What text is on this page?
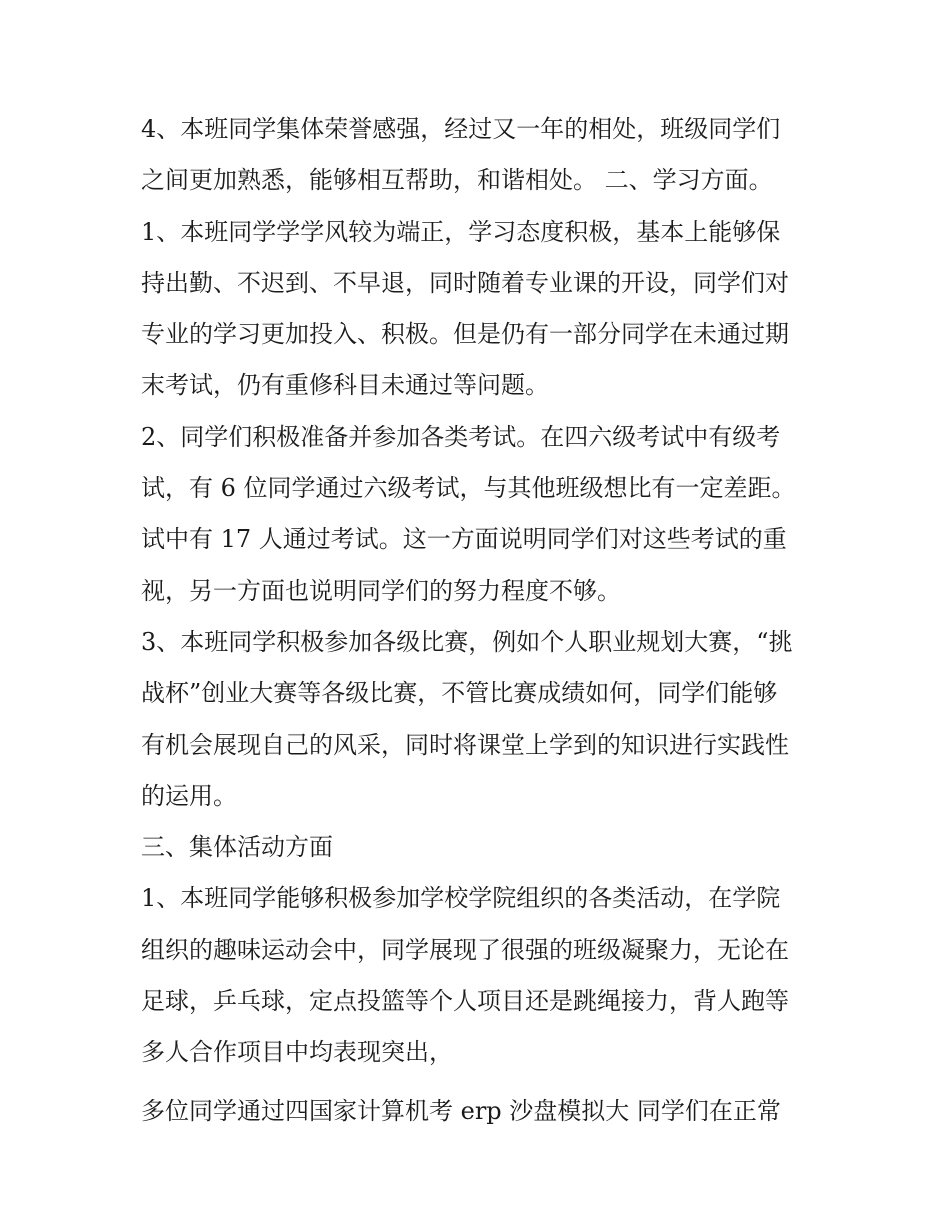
4、本班同学集体荣誉感强，经过又一年的相处，班级同学们
之间更加熟悉，能够相互帮助，和谐相处。 二、学习方面。
1、本班同学学学风较为端正，学习态度积极，基本上能够保
持出勤、不迟到、不早退，同时随着专业课的开设，同学们对
专业的学习更加投入、积极。但是仍有一部分同学在未通过期
末考试，仍有重修科目未通过等问题。
2、同学们积极准备并参加各类考试。在四六级考试中有级考
试，有 6 位同学通过六级考试，与其他班级想比有一定差距。
试中有 17 人通过考试。这一方面说明同学们对这些考试的重
视，另一方面也说明同学们的努力程度不够。
3、本班同学积极参加各级比赛，例如个人职业规划大赛，“挑
战杯”创业大赛等各级比赛，不管比赛成绩如何，同学们能够
有机会展现自己的风采，同时将课堂上学到的知识进行实践性
的运用。
三、集体活动方面
1、本班同学能够积极参加学校学院组织的各类活动，在学院
组织的趣味运动会中，同学展现了很强的班级凝聚力，无论在
足球，乒乓球，定点投篮等个人项目还是跳绳接力，背人跑等
多人合作项目中均表现突出，
多位同学通过四国家计算机考 erp 沙盘模拟大 同学们在正常
